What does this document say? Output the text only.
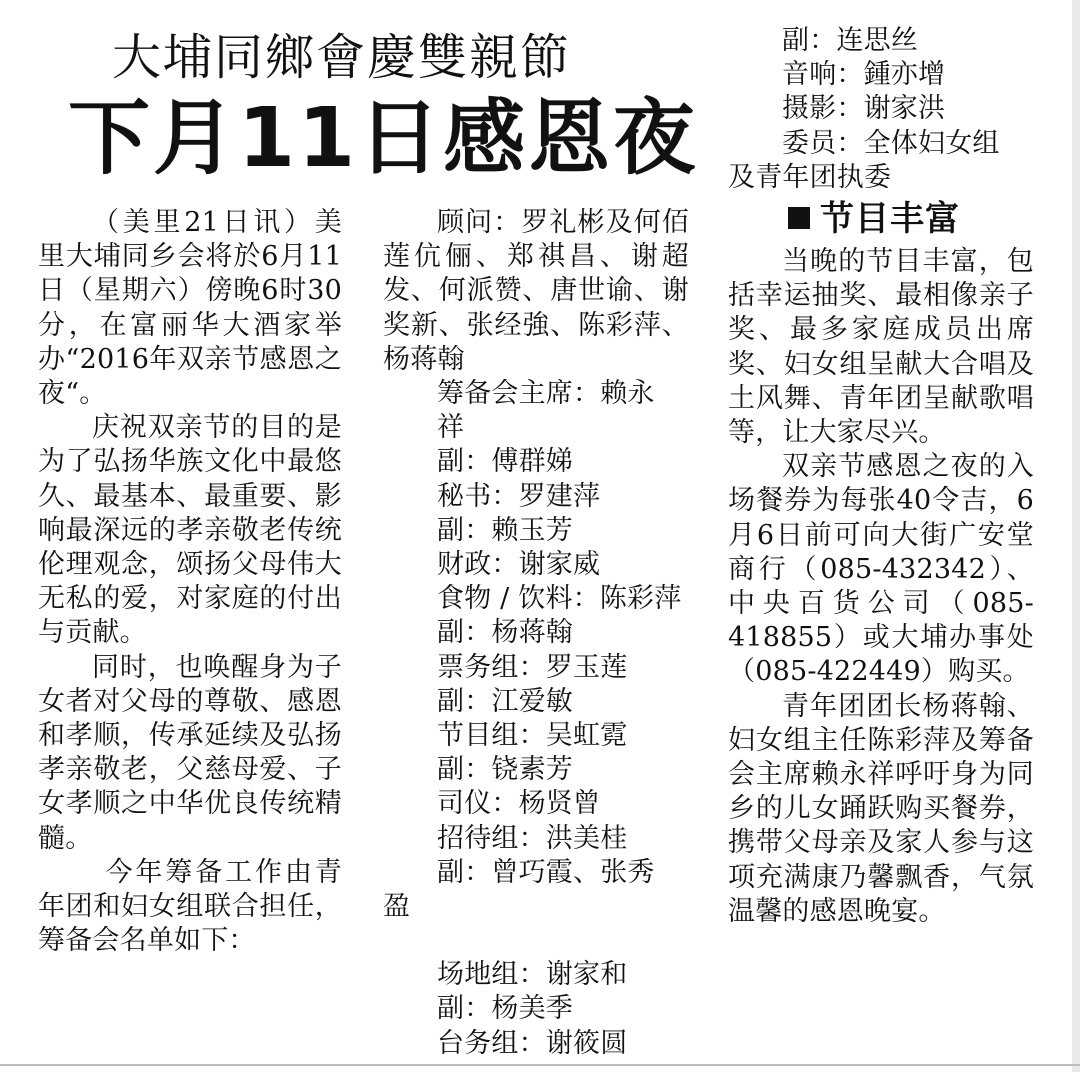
大埔同鄉會慶雙親節
下月11日感恩夜

（美里21日讯）美里大埔同乡会将於6月11日（星期六）傍晚6时30分，在富丽华大酒家举办“2016年双亲节感恩之夜“。

庆祝双亲节的目的是为了弘扬华族文化中最悠久、最基本、最重要、影响最深远的孝亲敬老传统伦理观念，颂扬父母伟大无私的爱，对家庭的付出与贡献。

同时，也唤醒身为子女者对父母的尊敬、感恩和孝顺，传承延续及弘扬孝亲敬老，父慈母爱、子女孝顺之中华优良传统精髓。

今年筹备工作由青年团和妇女组联合担任，筹备会名单如下：

顾问：罗礼彬及何佰莲伉俪、郑祺昌、谢超发、何派赞、唐世谕、谢奖新、张经強、陈彩萍、杨蒋翰

筹备会主席：赖永
祥

副：傅群娣

秘书：罗建萍

副：赖玉芳

财政：谢家威

食物 / 饮料：陈彩萍

副：杨蒋翰

票务组：罗玉莲

副：江爱敏

节目组：吴虹霓

副：铙素芳

司仪：杨贤曾

招待组：洪美桂

副：曾巧霞、张秀

盈

场地组：谢家和

副：杨美季

台务组：谢筱圆

副：连思丝

音响：鍾亦增

摄影：谢家洪

委员：全体妇女组

及青年团执委

节目丰富

当晚的节目丰富，包括幸运抽奖、最相像亲子奖、最多家庭成员出席奖、妇女组呈献大合唱及土风舞、青年团呈献歌唱等，让大家尽兴。

双亲节感恩之夜的入场餐券为每张40令吉，6月6日前可向大街广安堂商行（085-432342）、中央百货公司（085-418855）或大埔办事处（085-422449）购买。

青年团团长杨蒋翰、妇女组主任陈彩萍及筹备会主席赖永祥呼吁身为同乡的儿女踊跃购买餐券，携带父母亲及家人参与这项充满康乃馨飘香，气氛温馨的感恩晚宴。
